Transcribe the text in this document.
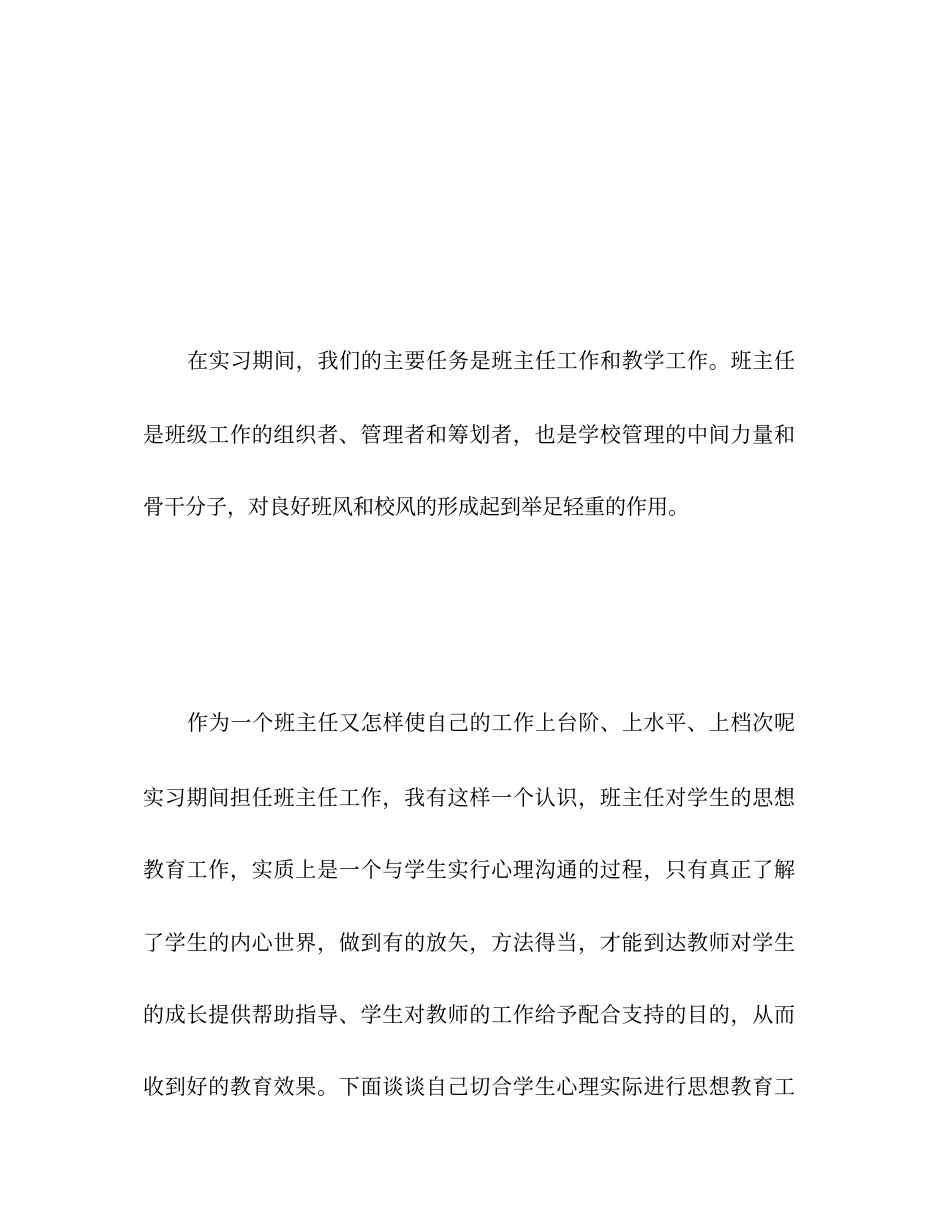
在实习期间，我们的主要任务是班主任工作和教学工作。班主任
是班级工作的组织者、管理者和筹划者，也是学校管理的中间力量和
骨干分子，对良好班风和校风的形成起到举足轻重的作用。
作为一个班主任又怎样使自己的工作上台阶、上水平、上档次呢
实习期间担任班主任工作，我有这样一个认识，班主任对学生的思想
教育工作，实质上是一个与学生实行心理沟通的过程，只有真正了解
了学生的内心世界，做到有的放矢，方法得当，才能到达教师对学生
的成长提供帮助指导、学生对教师的工作给予配合支持的目的，从而
收到好的教育效果。下面谈谈自己切合学生心理实际进行思想教育工
